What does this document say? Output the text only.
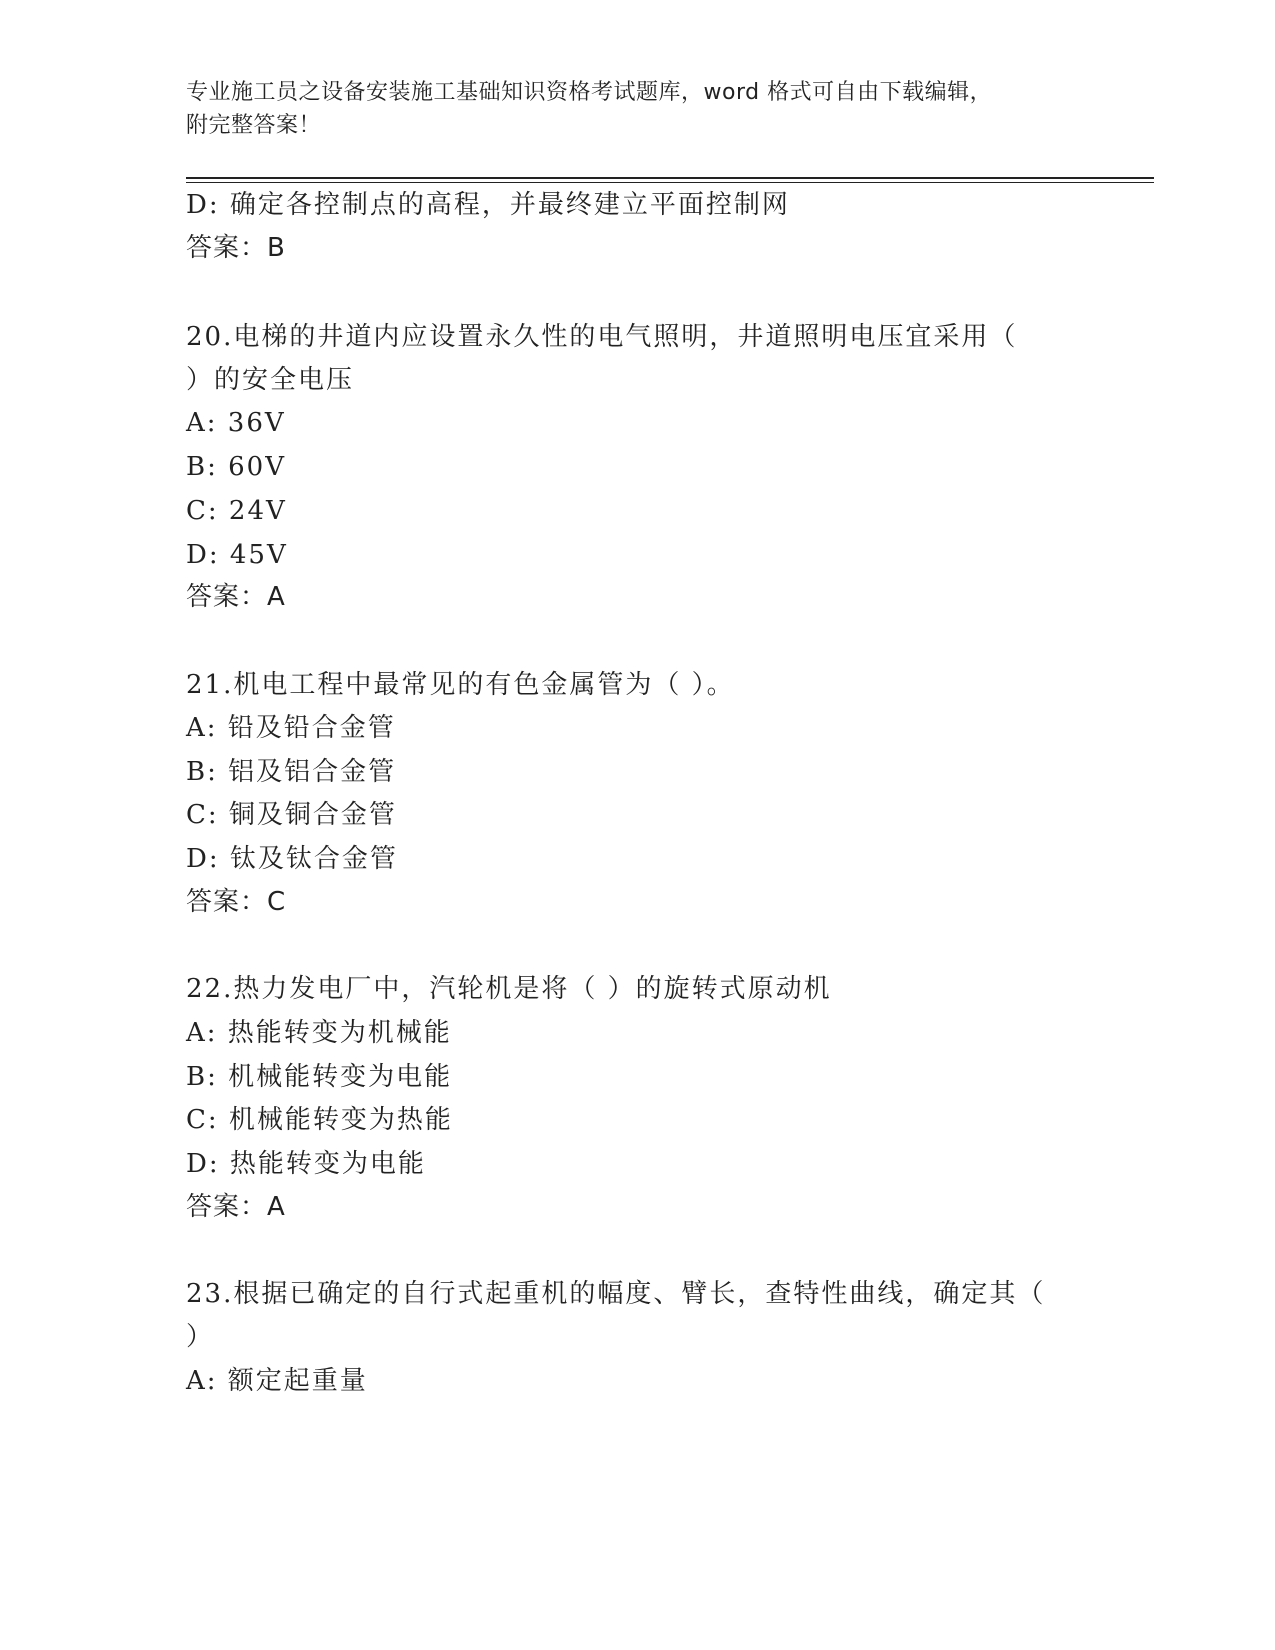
专业施工员之设备安装施工基础知识资格考试题库，word 格式可自由下载编辑，
附完整答案！
D: 确定各控制点的高程，并最终建立平面控制网
答案：B
20.电梯的井道内应设置永久性的电气照明，井道照明电压宜采用（
）的安全电压
A: 36V
B: 60V
C: 24V
D: 45V
答案：A
21.机电工程中最常见的有色金属管为（ ）。
A: 铅及铅合金管
B: 铝及铝合金管
C: 铜及铜合金管
D: 钛及钛合金管
答案：C
22.热力发电厂中，汽轮机是将（ ）的旋转式原动机
A: 热能转变为机械能
B: 机械能转变为电能
C: 机械能转变为热能
D: 热能转变为电能
答案：A
23.根据已确定的自行式起重机的幅度、臂长，查特性曲线，确定其（
）
A: 额定起重量
